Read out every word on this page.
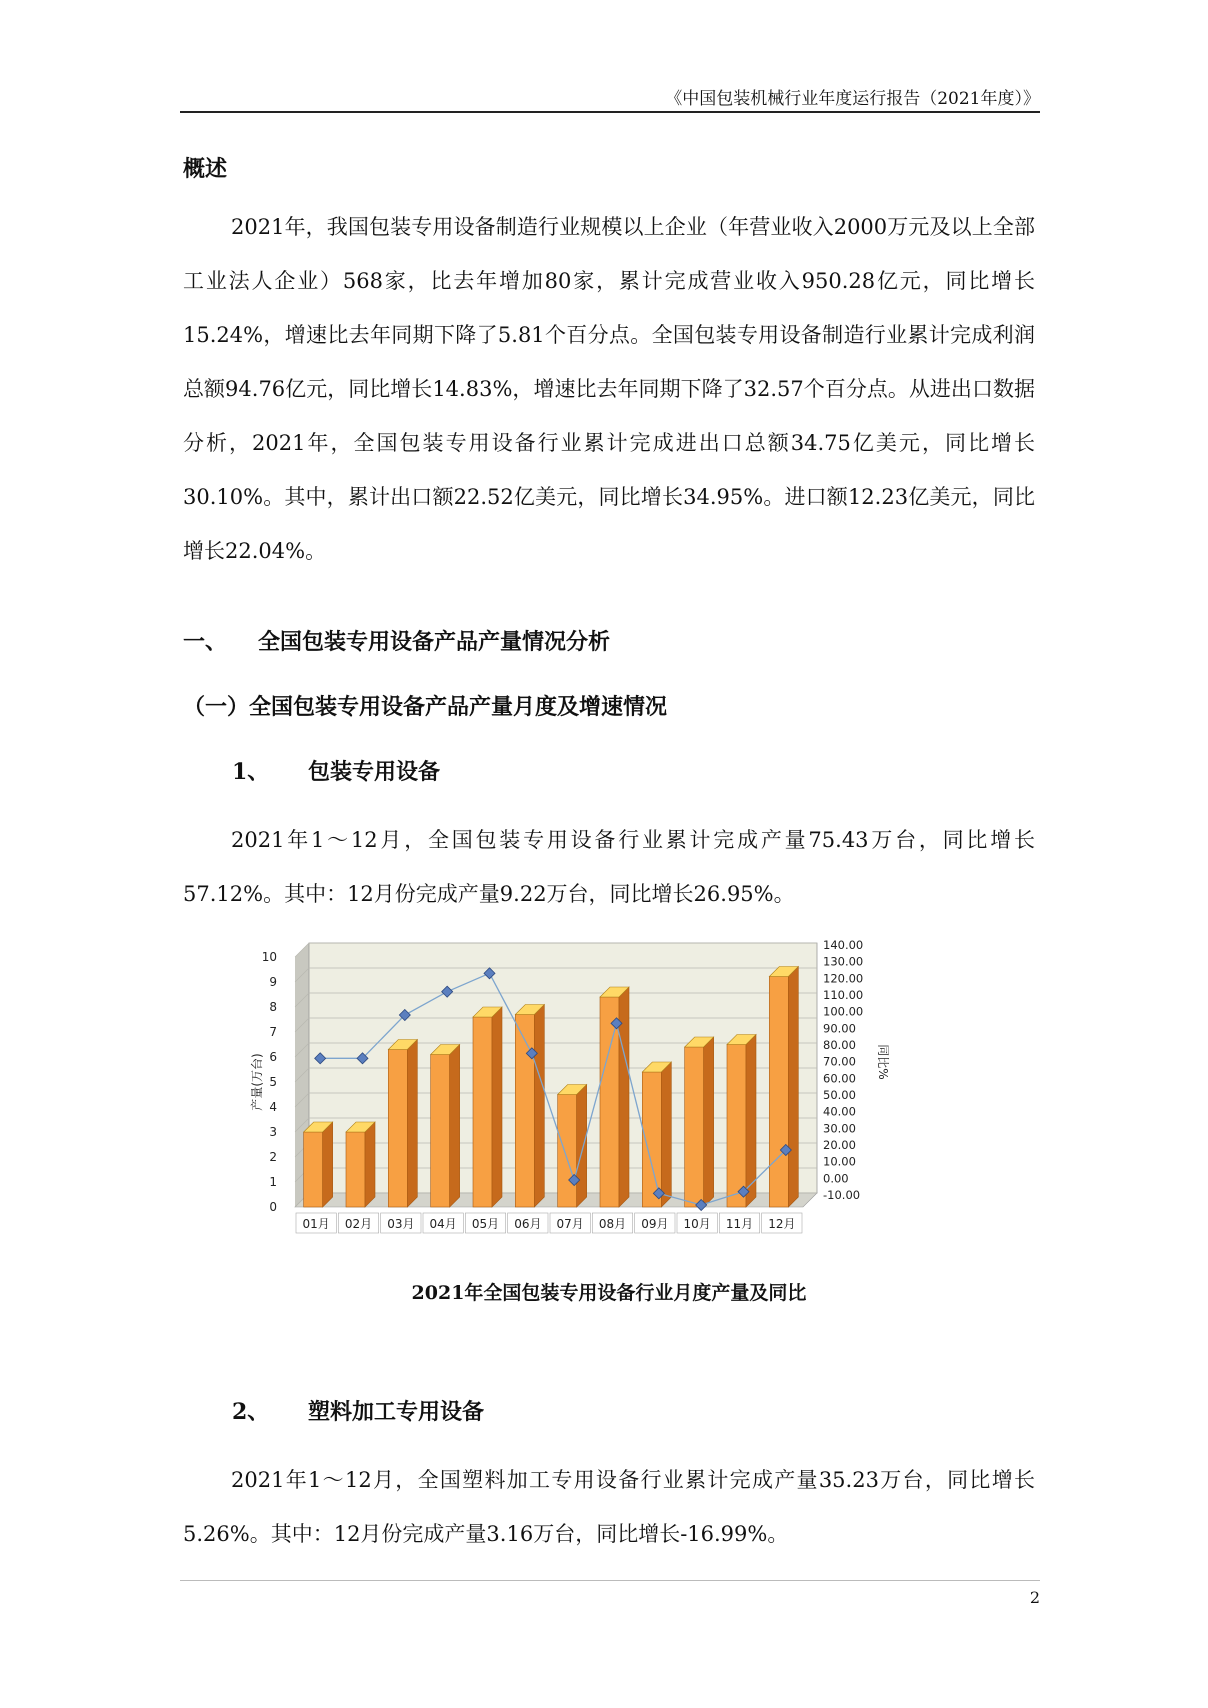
《中国包装机械行业年度运行报告（2021年度）》
概述

2021年，我国包装专用设备制造行业规模以上企业（年营业收入2000万元及以上全部工业法人企业）568家，比去年增加80家，累计完成营业收入950.28亿元，同比增长15.24%，增速比去年同期下降了5.81个百分点。全国包装专用设备制造行业累计完成利润总额94.76亿元，同比增长14.83%，增速比去年同期下降了32.57个百分点。从进出口数据分析，2021年，全国包装专用设备行业累计完成进出口总额34.75亿美元，同比增长30.10%。其中，累计出口额22.52亿美元，同比增长34.95%。进口额12.23亿美元，同比增长22.04%。

一、 全国包装专用设备产品产量情况分析
（一）全国包装专用设备产品产量月度及增速情况
1、 包装专用设备

2021年1～12月，全国包装专用设备行业累计完成产量75.43万台，同比增长57.12%。其中：12月份完成产量9.22万台，同比增长26.95%。

0
1
2
3
4
5
6
7
8
9
10
-10.00
0.00
10.00
20.00
30.00
40.00
50.00
60.00
70.00
80.00
90.00
100.00
110.00
120.00
130.00
140.00
产量(万台)	同比%
01月 02月 03月 04月 05月 06月 07月 08月 09月 10月 11月 12月
2021年全国包装专用设备行业月度产量及同比
2、 塑料加工专用设备

2021年1～12月，全国塑料加工专用设备行业累计完成产量35.23万台，同比增长5.26%。其中：12月份完成产量3.16万台，同比增长-16.99%。

2
